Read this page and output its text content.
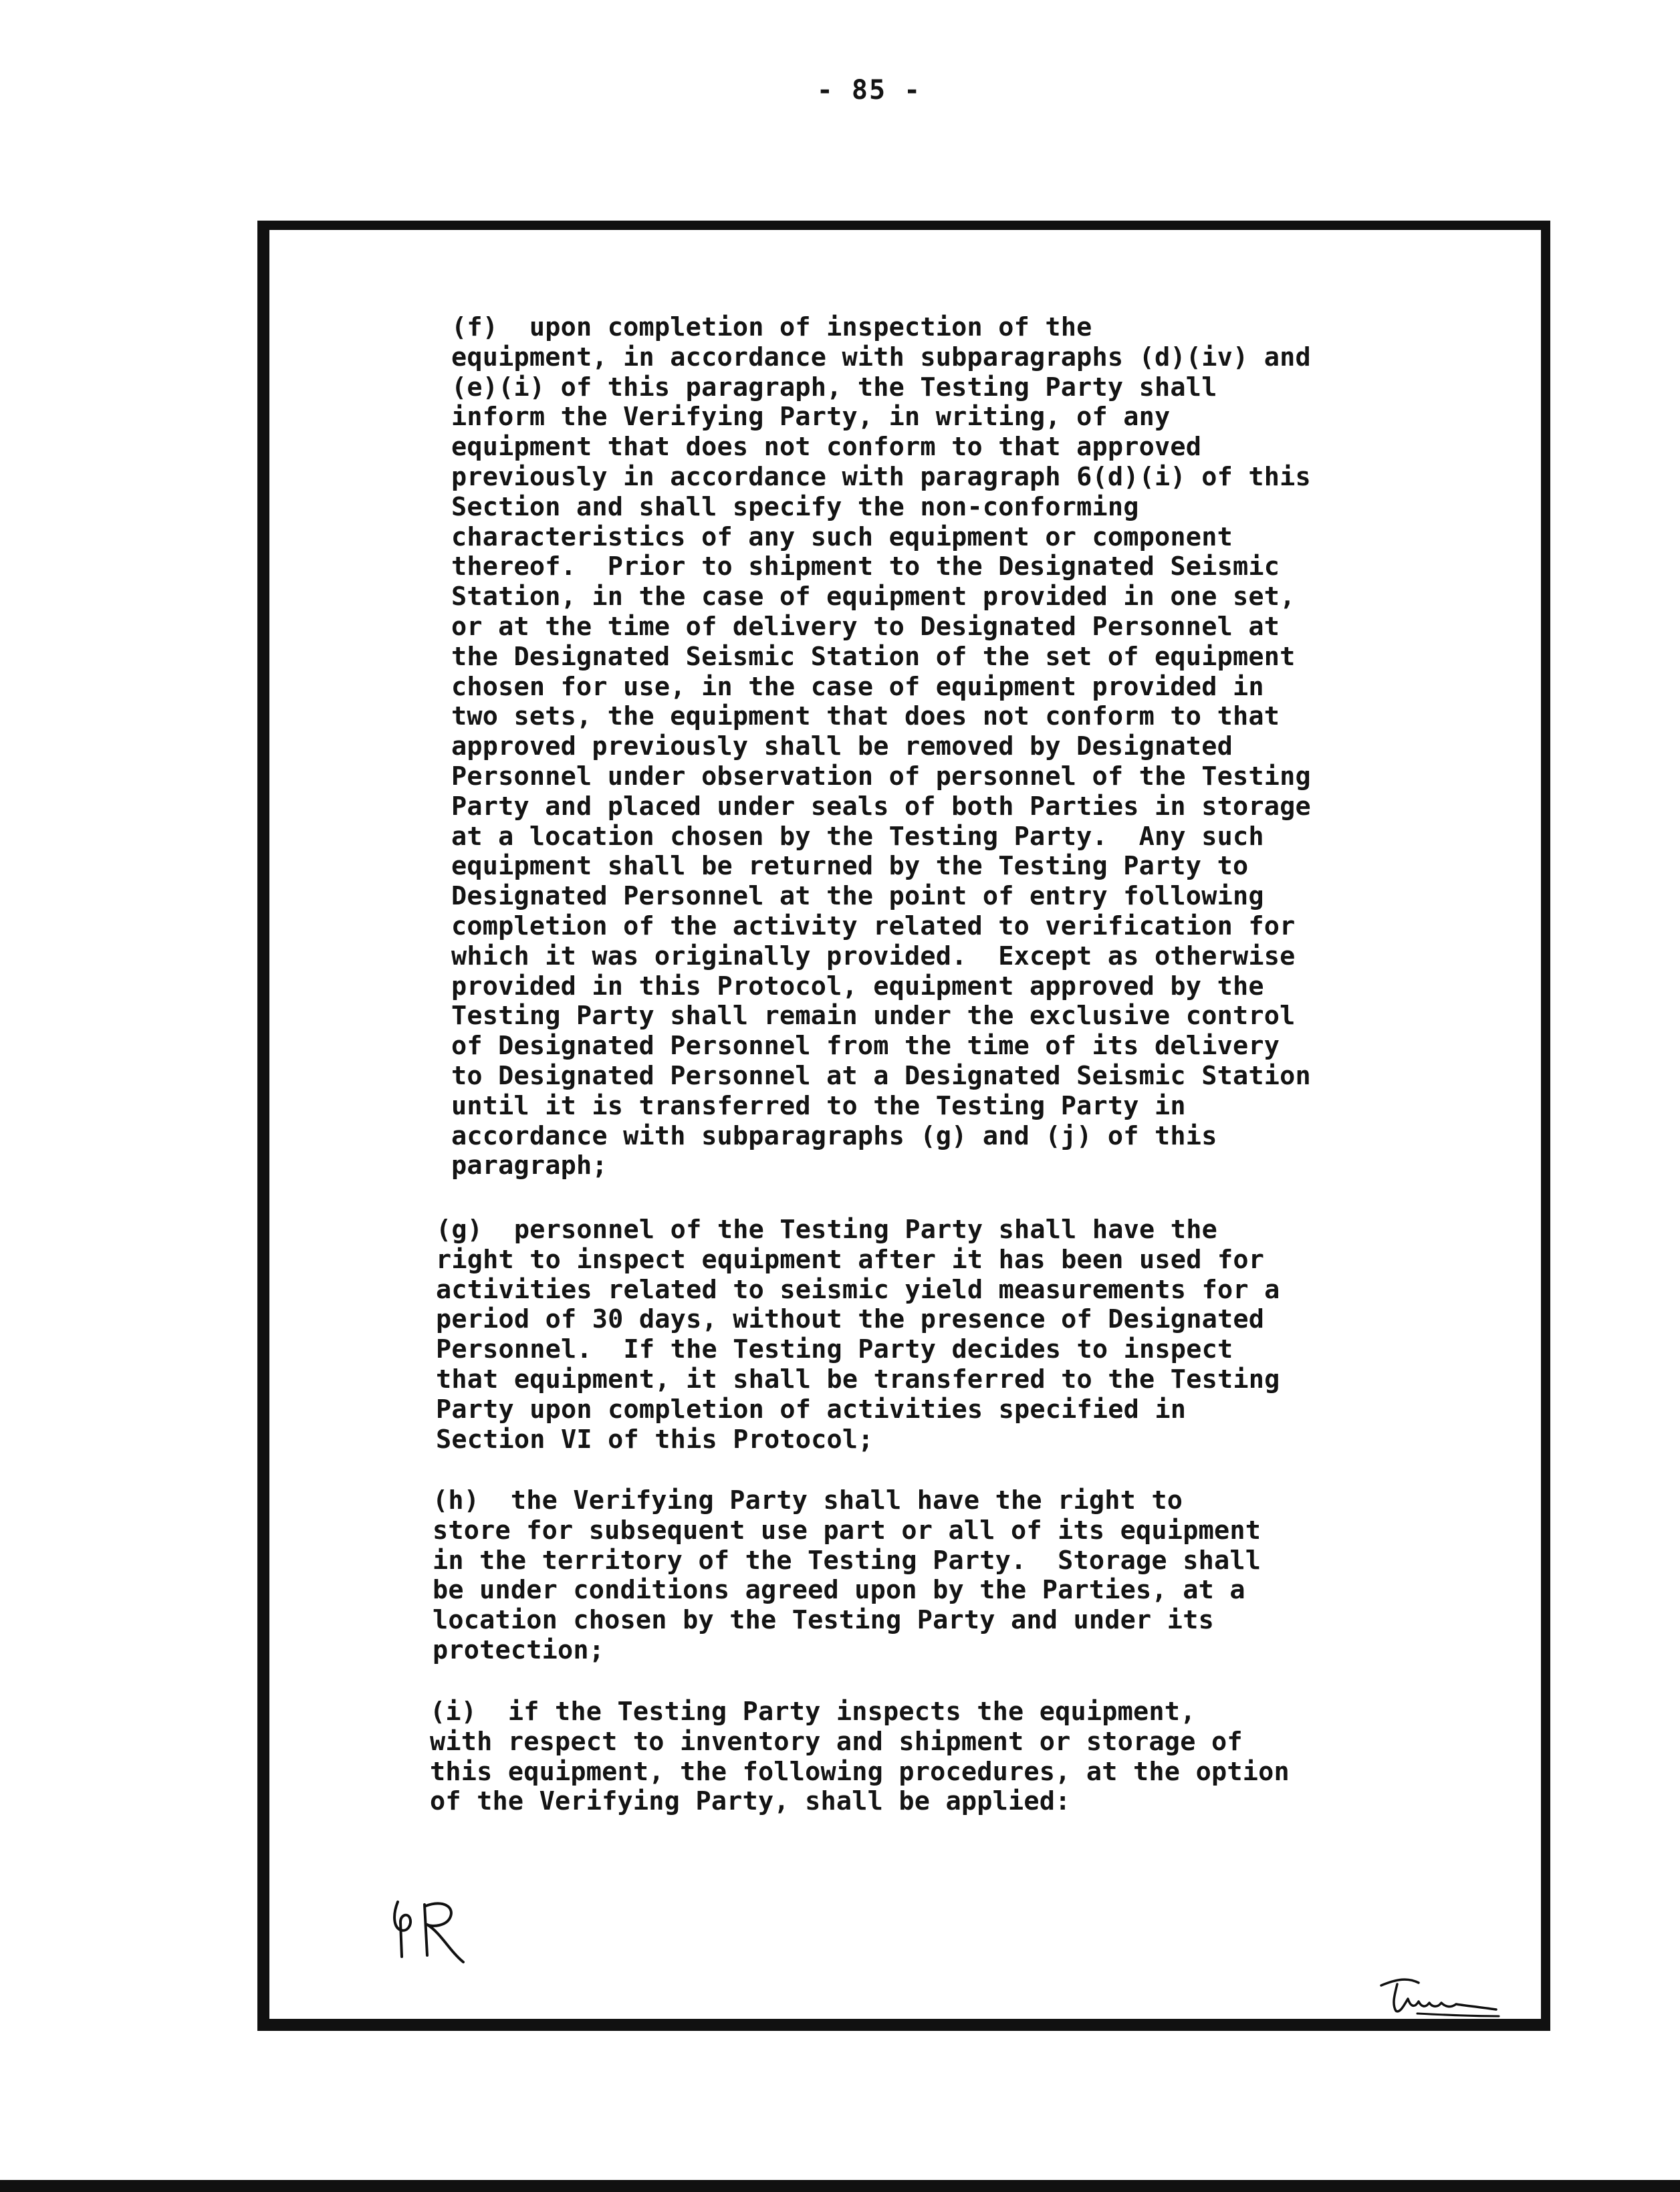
- 85 -
(f)  upon completion of inspection of the
equipment, in accordance with subparagraphs (d)(iv) and
(e)(i) of this paragraph, the Testing Party shall
inform the Verifying Party, in writing, of any
equipment that does not conform to that approved
previously in accordance with paragraph 6(d)(i) of this
Section and shall specify the non-conforming
characteristics of any such equipment or component
thereof.  Prior to shipment to the Designated Seismic
Station, in the case of equipment provided in one set,
or at the time of delivery to Designated Personnel at
the Designated Seismic Station of the set of equipment
chosen for use, in the case of equipment provided in
two sets, the equipment that does not conform to that
approved previously shall be removed by Designated
Personnel under observation of personnel of the Testing
Party and placed under seals of both Parties in storage
at a location chosen by the Testing Party.  Any such
equipment shall be returned by the Testing Party to
Designated Personnel at the point of entry following
completion of the activity related to verification for
which it was originally provided.  Except as otherwise
provided in this Protocol, equipment approved by the
Testing Party shall remain under the exclusive control
of Designated Personnel from the time of its delivery
to Designated Personnel at a Designated Seismic Station
until it is transferred to the Testing Party in
accordance with subparagraphs (g) and (j) of this
paragraph;
(g)  personnel of the Testing Party shall have the
right to inspect equipment after it has been used for
activities related to seismic yield measurements for a
period of 30 days, without the presence of Designated
Personnel.  If the Testing Party decides to inspect
that equipment, it shall be transferred to the Testing
Party upon completion of activities specified in
Section VI of this Protocol;
(h)  the Verifying Party shall have the right to
store for subsequent use part or all of its equipment
in the territory of the Testing Party.  Storage shall
be under conditions agreed upon by the Parties, at a
location chosen by the Testing Party and under its
protection;
(i)  if the Testing Party inspects the equipment,
with respect to inventory and shipment or storage of
this equipment, the following procedures, at the option
of the Verifying Party, shall be applied:
